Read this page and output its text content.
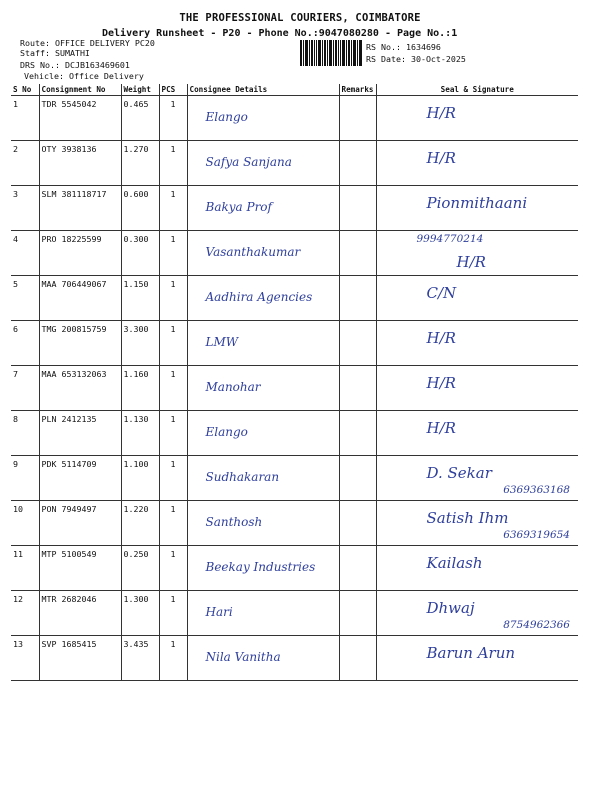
THE PROFESSIONAL COURIERS, COIMBATORE
Delivery Runsheet - P20 - Phone No.:9047080280 - Page No.:1
Route: OFFICE DELIVERY PC20
Staff: SUMATHI
DRS No.: DCJB163469601
Vehicle: Office Delivery
RS No.: 1634696
RS Date: 30-Oct-2025
S No	Consignment No	Weight	PCS	Consignee Details	Remarks	Seal & Signature
1	TDR 5545042	0.465	1	Elango		H/R

2	OTY 3938136	1.270	1	Safya Sanjana		H/R

3	SLM 381118717	0.600	1	Bakya Prof		Pionmithaani

4	PRO 18225599	0.300	1	Vasanthakumar		H/R
9994770214

5	MAA 706449067	1.150	1	Aadhira Agencies		C/N

6	TMG 200815759	3.300	1	LMW		H/R

7	MAA 653132063	1.160	1	Manohar		H/R

8	PLN 2412135	1.130	1	Elango		H/R

9	PDK 5114709	1.100	1	Sudhakaran		D. Sekar
6369363168

10	PON 7949497	1.220	1	Santhosh		Satish Ihm
6369319654

11	MTP 5100549	0.250	1	Beekay Industries		Kailash

12	MTR 2682046	1.300	1	Hari		Dhwaj
8754962366

13	SVP 1685415	3.435	1	Nila Vanitha		Barun Arun
